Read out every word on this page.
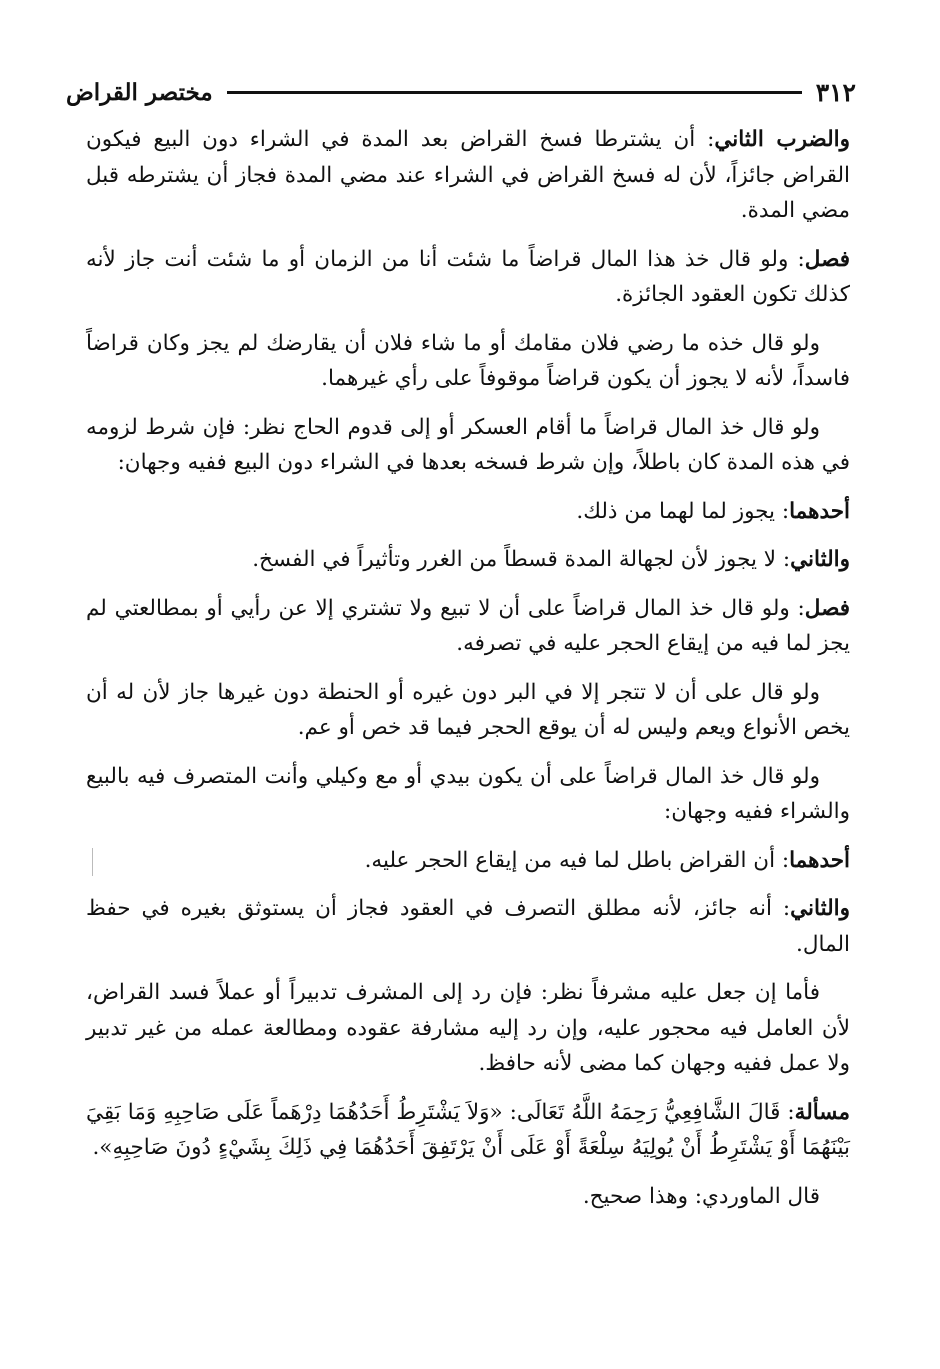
٣١٢
مختصر القراض

والضرب الثاني: أن يشترطا فسخ القراض بعد المدة في الشراء دون البيع فيكون القراض جائزاً، لأن له فسخ القراض في الشراء عند مضي المدة فجاز أن يشترطه قبل مضي المدة.

فصل: ولو قال خذ هذا المال قراضاً ما شئت أنا من الزمان أو ما شئت أنت جاز لأنه كذلك تكون العقود الجائزة.

ولو قال خذه ما رضي فلان مقامك أو ما شاء فلان أن يقارضك لم يجز وكان قراضاً فاسداً، لأنه لا يجوز أن يكون قراضاً موقوفاً على رأي غيرهما.

ولو قال خذ المال قراضاً ما أقام العسكر أو إلى قدوم الحاج نظر: فإن شرط لزومه في هذه المدة كان باطلاً، وإن شرط فسخه بعدها في الشراء دون البيع ففيه وجهان:

أحدهما: يجوز لما لهما من ذلك.

والثاني: لا يجوز لأن لجهالة المدة قسطاً من الغرر وتأثيراً في الفسخ.

فصل: ولو قال خذ المال قراضاً على أن لا تبيع ولا تشتري إلا عن رأيي أو بمطالعتي لم يجز لما فيه من إيقاع الحجر عليه في تصرفه.

ولو قال على أن لا تتجر إلا في البر دون غيره أو الحنطة دون غيرها جاز لأن له أن يخص الأنواع ويعم وليس له أن يوقع الحجر فيما قد خص أو عم.

ولو قال خذ المال قراضاً على أن يكون بيدي أو مع وكيلي وأنت المتصرف فيه بالبيع والشراء ففيه وجهان:

أحدهما: أن القراض باطل لما فيه من إيقاع الحجر عليه.

والثاني: أنه جائز، لأنه مطلق التصرف في العقود فجاز أن يستوثق بغيره في حفظ المال.

فأما إن جعل عليه مشرفاً نظر: فإن رد إلى المشرف تدبيراً أو عملاً فسد القراض، لأن العامل فيه محجور عليه، وإن رد إليه مشارفة عقوده ومطالعة عمله من غير تدبير ولا عمل ففيه وجهان كما مضى لأنه حافظ.

مسألة: قَالَ الشَّافِعِيُّ رَحِمَهُ اللَّهُ تَعَالَى: «وَلاَ يَشْتَرِطُ أَحَدُهُمَا دِرْهَماً عَلَى صَاحِبِهِ وَمَا بَقِيَ بَيْنَهُمَا أَوْ يَشْتَرِطُ أَنْ يُولِيَهُ سِلْعَةً أَوْ عَلَى أَنْ يَرْتَفِقَ أَحَدُهُمَا فِي ذَلِكَ بِشَيْءٍ دُونَ صَاحِبِهِ».

قال الماوردي: وهذا صحيح.
